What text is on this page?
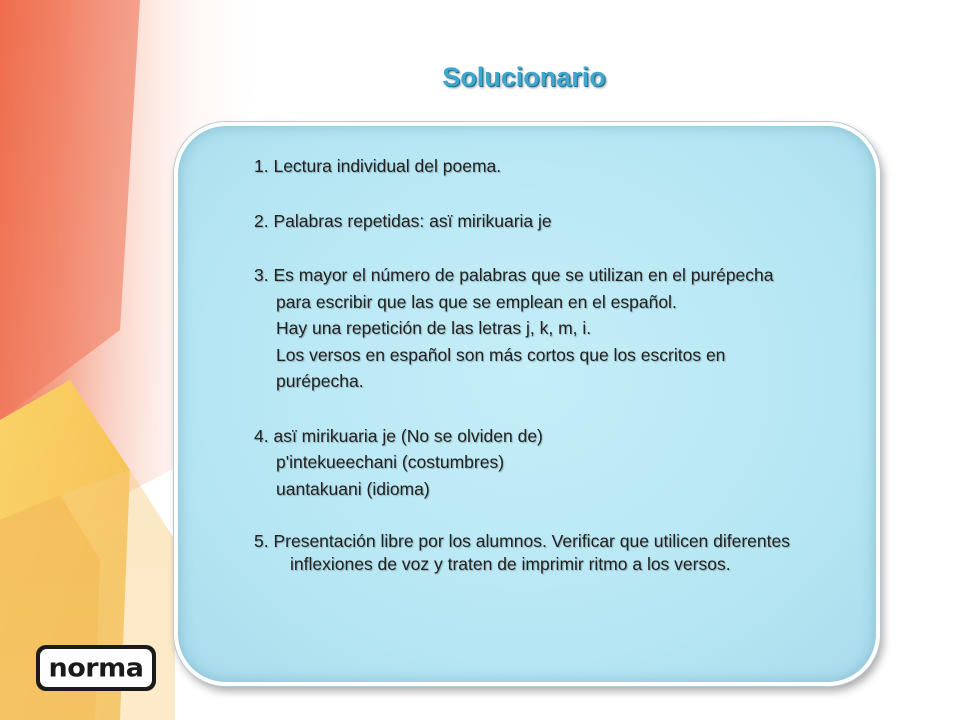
Solucionario
1. Lectura individual del poema.
2. Palabras repetidas: asï mirikuaria je
3. Es mayor el número de palabras que se utilizan en el purépecha
para escribir que las que se emplean en el español.
Hay una repetición de las letras j, k, m, i.
Los versos en español son más cortos que los escritos en
purépecha.
4. asï mirikuaria je (No se olviden de)
p'intekueechani (costumbres)
uantakuani (idioma)
5. Presentación libre por los alumnos. Verificar que utilicen diferentes
inflexiones de voz y traten de imprimir ritmo a los versos.
norma
